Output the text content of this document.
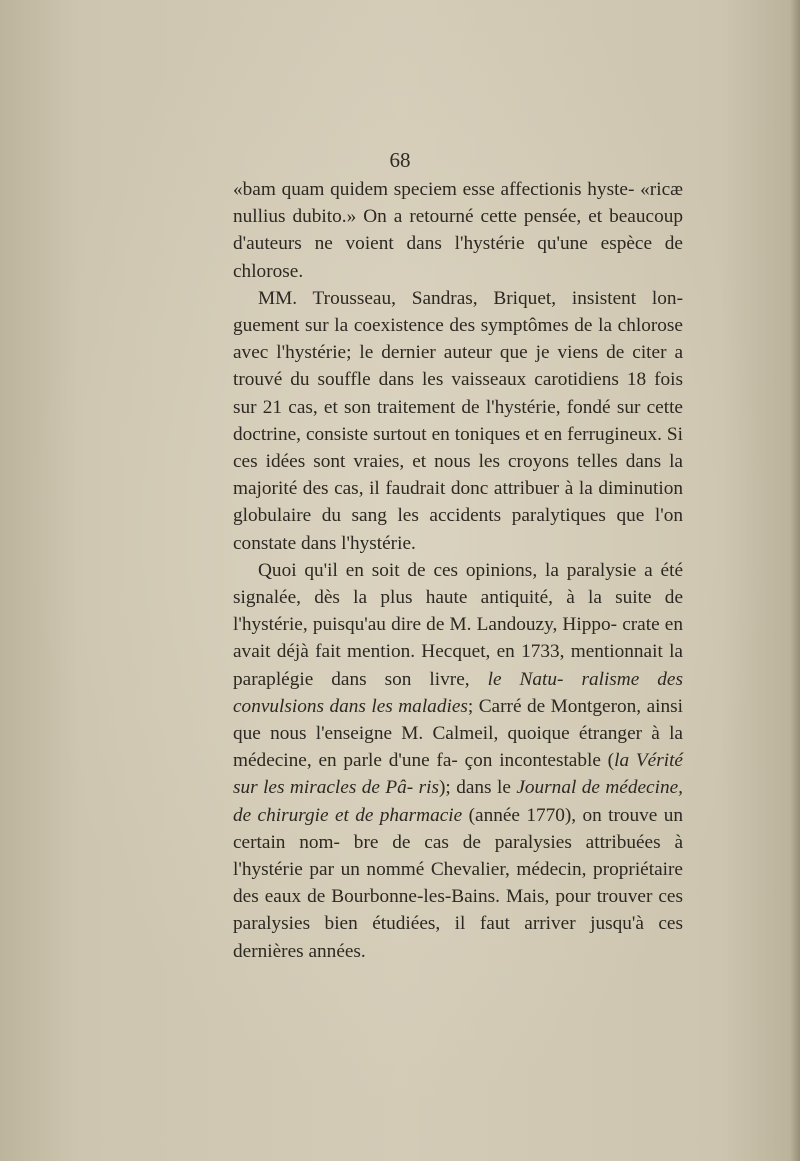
68

«bam quam quidem speciem esse affectionis hyste- «ricæ nullius dubito.» On a retourné cette pensée, et beaucoup d'auteurs ne voient dans l'hystérie qu'une espèce de chlorose.

MM. Trousseau, Sandras, Briquet, insistent lon- guement sur la coexistence des symptômes de la chlorose avec l'hystérie; le dernier auteur que je viens de citer a trouvé du souffle dans les vaisseaux carotidiens 18 fois sur 21 cas, et son traitement de l'hystérie, fondé sur cette doctrine, consiste surtout en toniques et en ferrugineux. Si ces idées sont vraies, et nous les croyons telles dans la majorité des cas, il faudrait donc attribuer à la diminution globulaire du sang les accidents paralytiques que l'on constate dans l'hystérie.

Quoi qu'il en soit de ces opinions, la paralysie a été signalée, dès la plus haute antiquité, à la suite de l'hystérie, puisqu'au dire de M. Landouzy, Hippo- crate en avait déjà fait mention. Hecquet, en 1733, mentionnait la paraplégie dans son livre, le Natu- ralisme des convulsions dans les maladies; Carré de Montgeron, ainsi que nous l'enseigne M. Calmeil, quoique étranger à la médecine, en parle d'une fa- çon incontestable (la Vérité sur les miracles de Pâ- ris); dans le Journal de médecine, de chirurgie et de pharmacie (année 1770), on trouve un certain nom- bre de cas de paralysies attribuées à l'hystérie par un nommé Chevalier, médecin, propriétaire des eaux de Bourbonne-les-Bains. Mais, pour trouver ces paralysies bien étudiées, il faut arriver jusqu'à ces dernières années.
